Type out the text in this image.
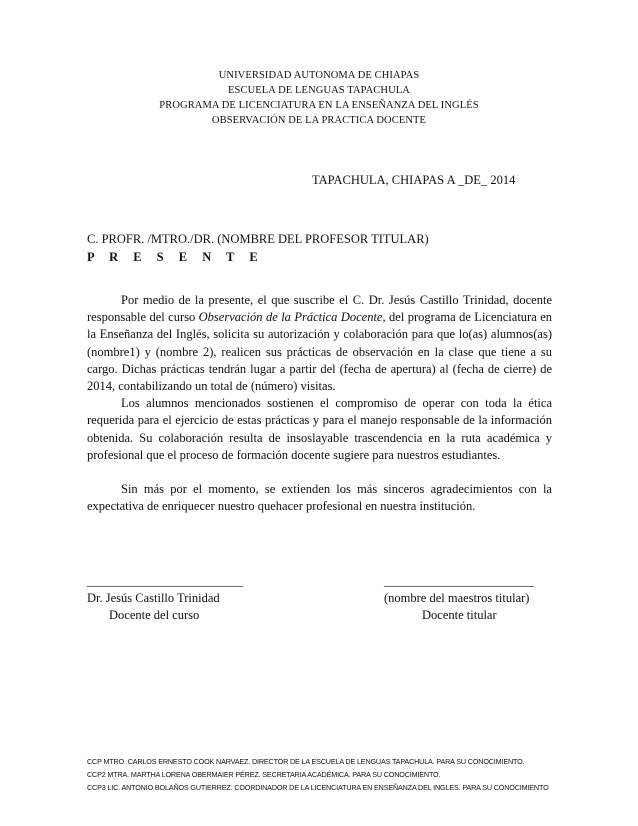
UNIVERSIDAD AUTONOMA DE CHIAPAS
ESCUELA DE LENGUAS TAPACHULA
PROGRAMA DE LICENCIATURA EN LA ENSEÑANZA DEL INGLÉS
OBSERVACIÓN DE LA PRACTICA DOCENTE
TAPACHULA, CHIAPAS A _DE_ 2014
C. PROFR. /MTRO./DR. (NOMBRE DEL PROFESOR TITULAR)
P R E S E N T E

Por medio de la presente, el que suscribe el C. Dr. Jesús Castillo Trinidad, docente responsable del curso Observación de la Práctica Docente, del programa de Licenciatura en la Enseñanza del Inglés, solicita su autorización y colaboración para que lo(as) alumnos(as) (nombre1) y (nombre 2), realicen sus prácticas de observación en la clase que tiene a su cargo. Dichas prácticas tendrán lugar a partir del (fecha de apertura) al (fecha de cierre) de 2014, contabilizando un total de (número) visitas.

Los alumnos mencionados sostienen el compromiso de operar con toda la ética requerida para el ejercicio de estas prácticas y para el manejo responsable de la información obtenida. Su colaboración resulta de insoslayable trascendencia en la ruta académica y profesional que el proceso de formación docente sugiere para nuestros estudiantes.

Sin más por el momento, se extienden los más sinceros agradecimientos con la expectativa de enriquecer nuestro quehacer profesional en nuestra institución.

_________________________
Dr. Jesús Castillo Trinidad
Docente del curso
________________________
(nombre del maestros titular)
Docente titular
CCP MTRO. CARLOS ERNESTO COOK NARVAEZ. DIRECTOR DE LA ESCUELA DE LENGUAS TAPACHULA. PARA SU CONOCIMIENTO.
CCP2 MTRA. MARTHA LORENA OBERMAIER PÉREZ. SECRETARIA ACADÉMICA. PARA SU CONOCIMIENTO.
CCP3 LIC. ANTONIO BOLAÑOS GUTIERREZ. COORDINADOR DE LA LICENCIATURA EN ENSEÑANZA DEL INGLES. PARA SU CONOCIMIENTO
